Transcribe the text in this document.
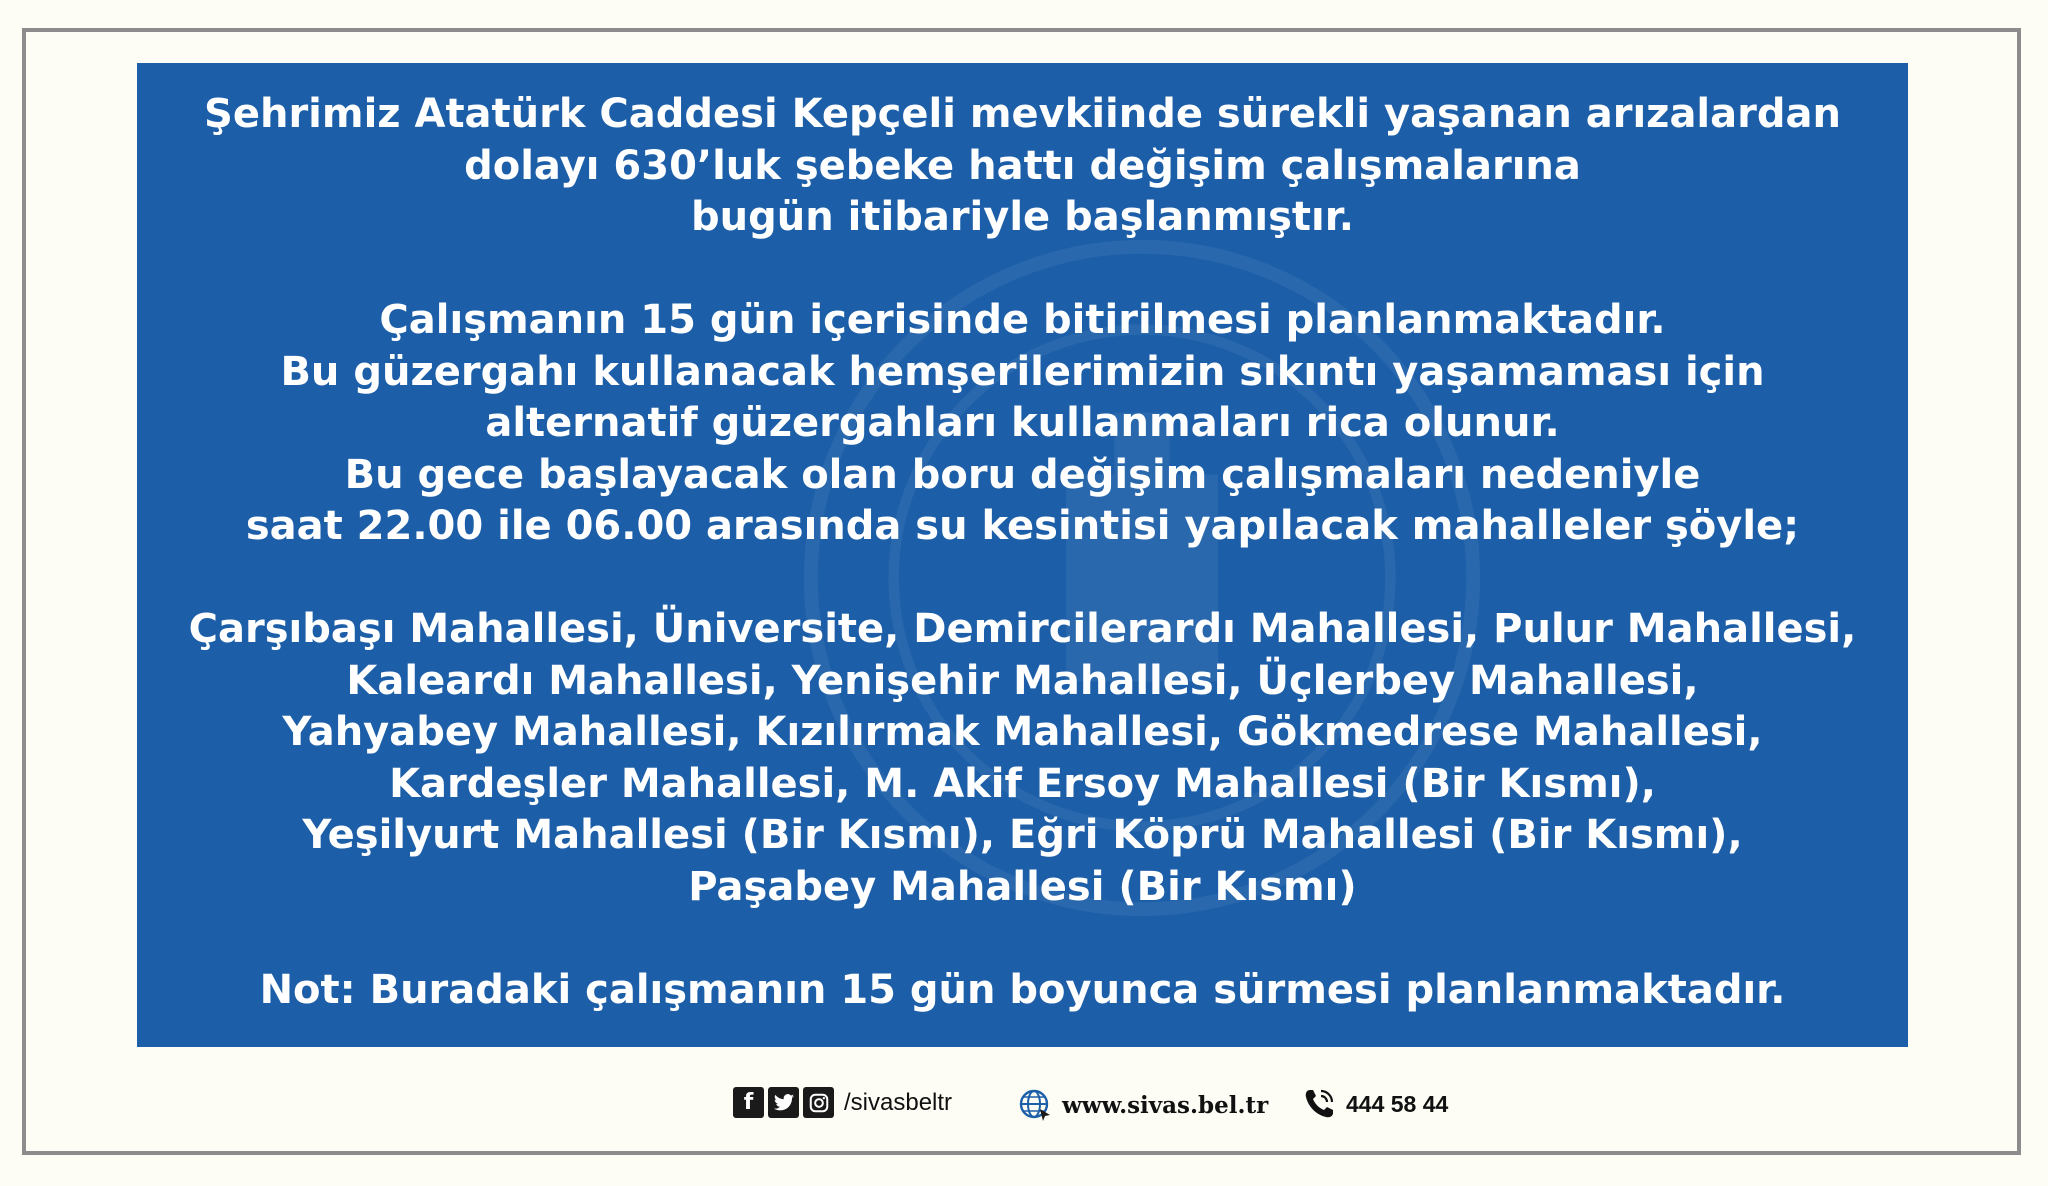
Şehrimiz Atatürk Caddesi Kepçeli mevkiinde sürekli yaşanan arızalardan
dolayı 630’luk şebeke hattı değişim çalışmalarına
bugün itibariyle başlanmıştır.
Çalışmanın 15 gün içerisinde bitirilmesi planlanmaktadır.
Bu güzergahı kullanacak hemşerilerimizin sıkıntı yaşamaması için
alternatif güzergahları kullanmaları rica olunur.
Bu gece başlayacak olan boru değişim çalışmaları nedeniyle
saat 22.00 ile 06.00 arasında su kesintisi yapılacak mahalleler şöyle;
Çarşıbaşı Mahallesi, Üniversite, Demircilerardı Mahallesi, Pulur Mahallesi,
Kaleardı Mahallesi, Yenişehir Mahallesi, Üçlerbey Mahallesi,
Yahyabey Mahallesi, Kızılırmak Mahallesi, Gökmedrese Mahallesi,
Kardeşler Mahallesi, M. Akif Ersoy Mahallesi (Bir Kısmı),
Yeşilyurt Mahallesi (Bir Kısmı), Eğri Köprü Mahallesi (Bir Kısmı),
Paşabey Mahallesi (Bir Kısmı)
Not: Buradaki çalışmanın 15 gün boyunca sürmesi planlanmaktadır.
f	/sivasbeltr	www.sivas.bel.tr	444 58 44
